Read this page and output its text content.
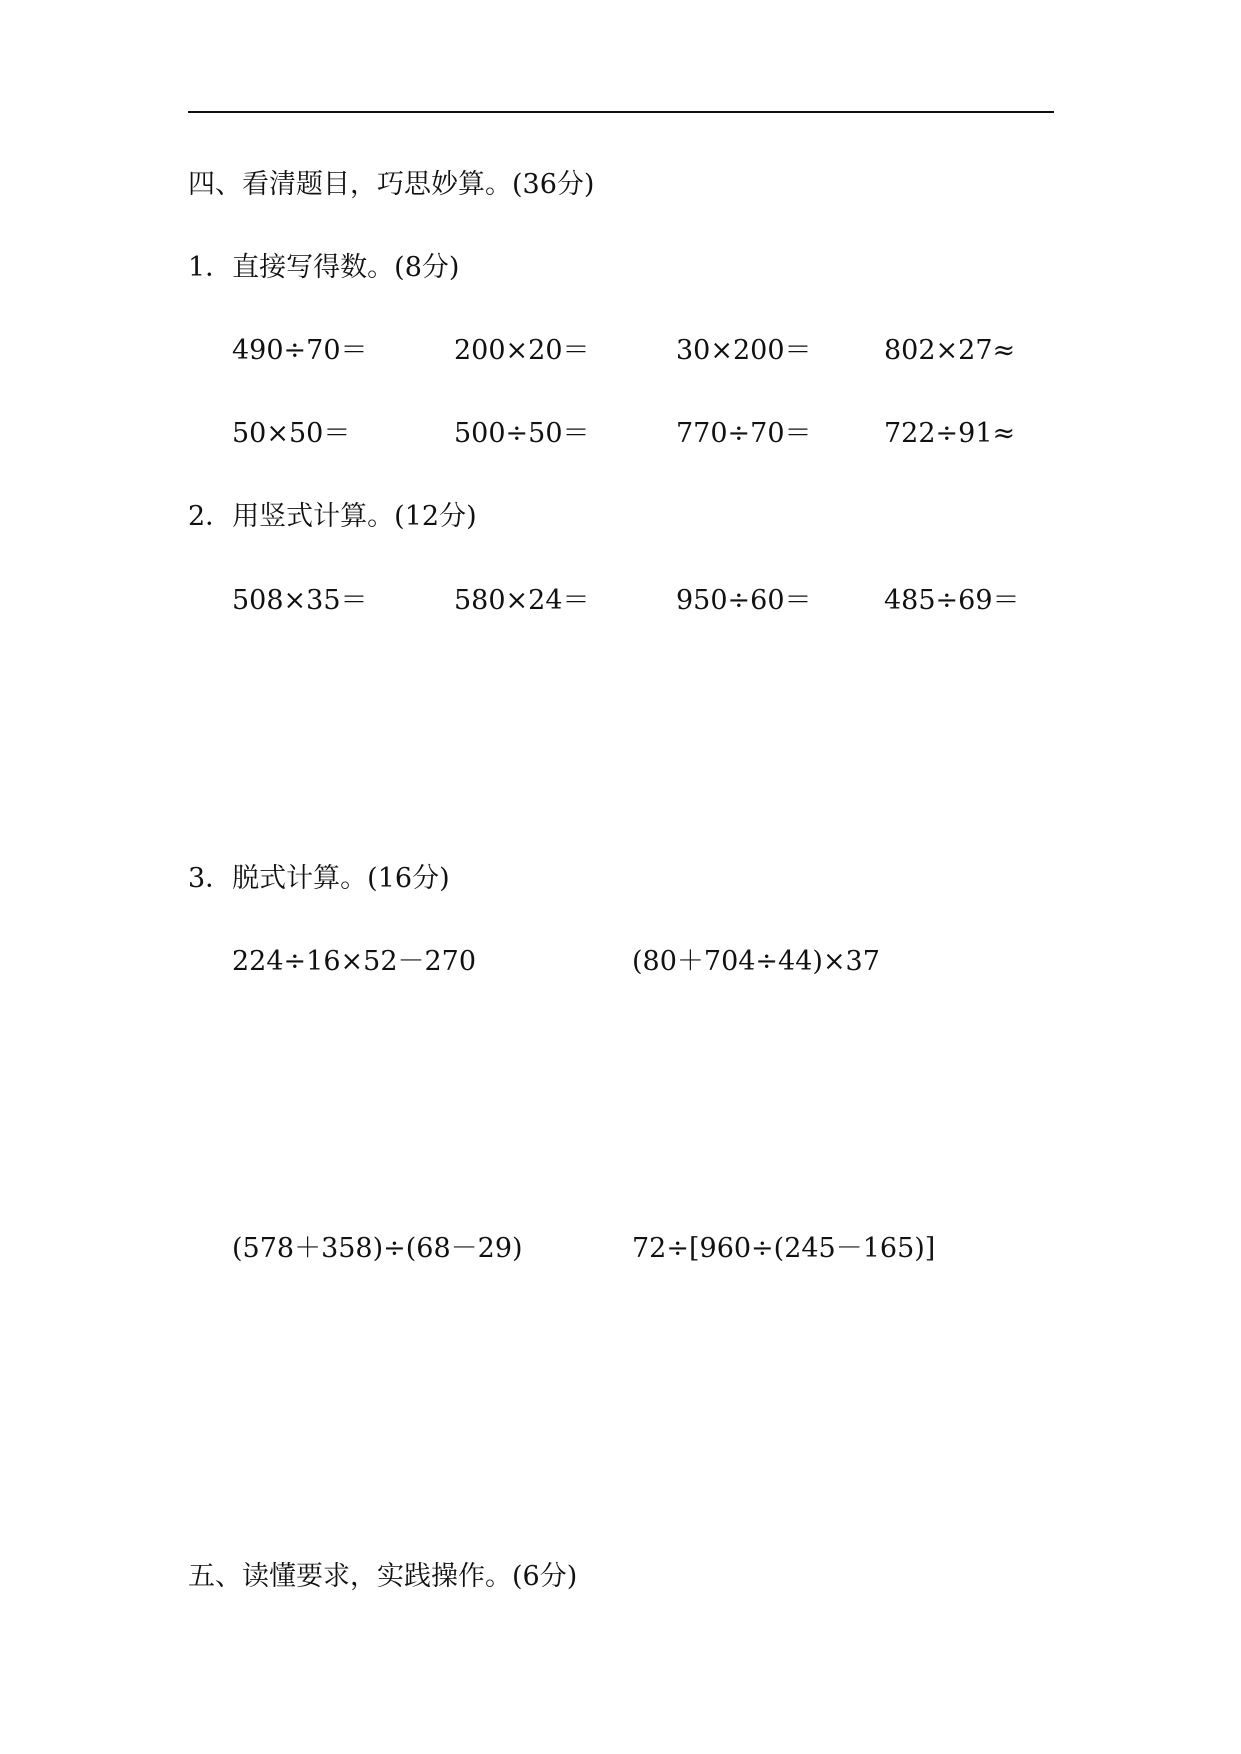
四、看清题目，巧思妙算。(36分)
1．直接写得数。(8分)
490÷70＝	200×20＝	30×200＝	802×27≈
50×50＝	500÷50＝	770÷70＝	722÷91≈
2．用竖式计算。(12分)
508×35＝	580×24＝	950÷60＝	485÷69＝
3．脱式计算。(16分)
224÷16×52－270	(80＋704÷44)×37
(578＋358)÷(68－29)	72÷[960÷(245－165)]
五、读懂要求，实践操作。(6分)
